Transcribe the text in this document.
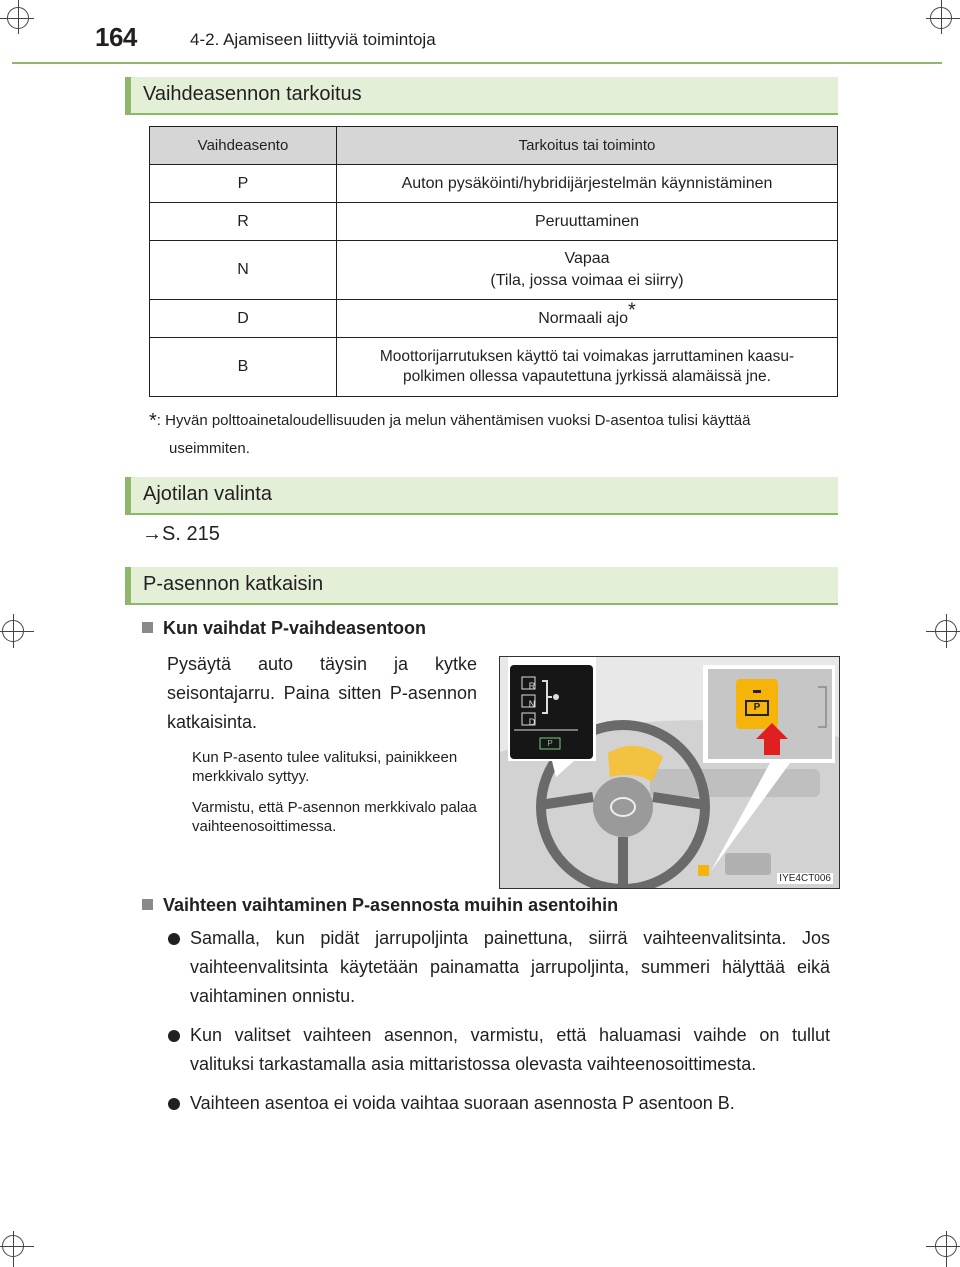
164	4-2. Ajamiseen liittyviä toimintoja
Vaihdeasennon tarkoitus
Vaihdeasento	Tarkoitus tai toiminto
P	Auton pysäköinti/hybridijärjestelmän käynnistäminen
R	Peruuttaminen
N	Vapaa
(Tila, jossa voimaa ei siirry)

D	Normaali ajo*
B	Moottorijarrutuksen käyttö tai voimakas jarruttaminen kaasu-
polkimen ollessa vapautettuna jyrkissä alamäissä jne.
*: Hyvän polttoainetaloudellisuuden ja melun vähentämisen vuoksi D-asentoa tulisi käyttää
useimmiten.
Ajotilan valinta
→S. 215
P-asennon katkaisin
Kun vaihdat P-vaihdeasentoon
Pysäytä auto täysin ja kytke seisontajarru. Paina sitten P-asennon katkaisinta.
Kun P-asento tulee valituksi, painikkeen merkkivalo syttyy.
Varmistu, että P-asennon merkkivalo palaa vaihteenosoittimessa.
R
N
D
P
P
IYE4CT006
Vaihteen vaihtaminen P-asennosta muihin asentoihin
Samalla, kun pidät jarrupoljinta painettuna, siirrä vaihteenvalitsinta. Jos vaihteenvalitsinta käytetään painamatta jarrupoljinta, summeri hälyttää eikä vaihtaminen onnistu.
Kun valitset vaihteen asennon, varmistu, että haluamasi vaihde on tullut valituksi tarkastamalla asia mittaristossa olevasta vaihteenosoittimesta.
Vaihteen asentoa ei voida vaihtaa suoraan asennosta P asentoon B.
